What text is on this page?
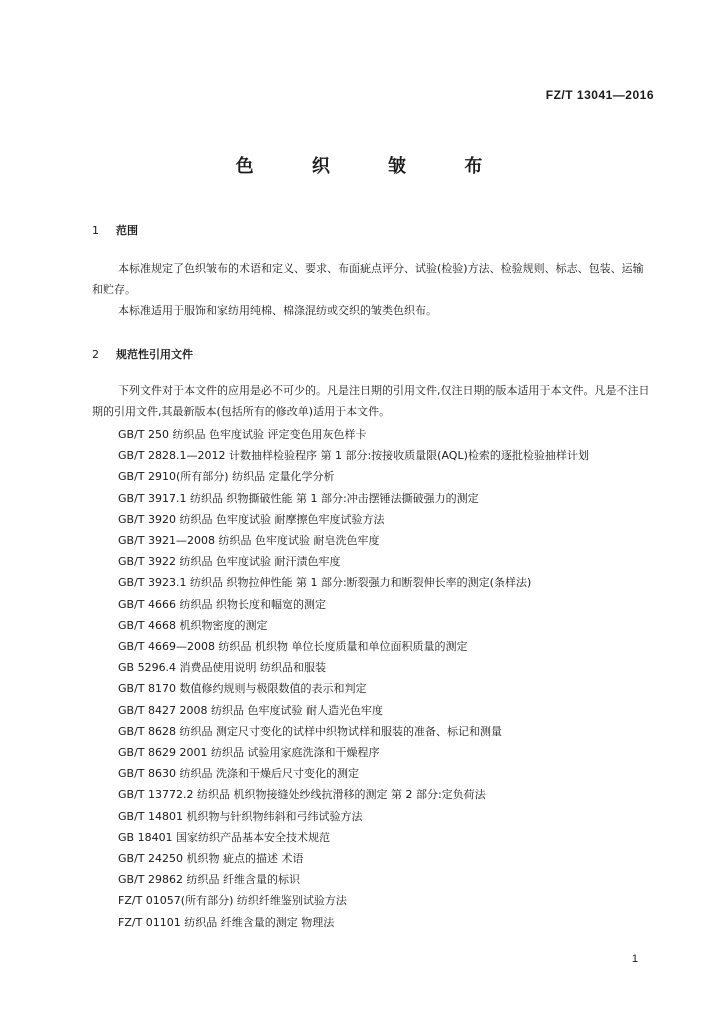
FZ/T 13041—2016
色 织 皱 布
1 范围

本标准规定了色织皱布的术语和定义、要求、布面疵点评分、试验(检验)方法、检验规则、标志、包装、运输和贮存。

本标准适用于服饰和家纺用纯棉、棉涤混纺或交织的皱类色织布。

2 规范性引用文件

下列文件对于本文件的应用是必不可少的。凡是注日期的引用文件,仅注日期的版本适用于本文件。凡是不注日期的引用文件,其最新版本(包括所有的修改单)适用于本文件。

GB/T 250 纺织品 色牢度试验 评定变色用灰色样卡
GB/T 2828.1—2012 计数抽样检验程序 第 1 部分:按接收质量限(AQL)检索的逐批检验抽样计划
GB/T 2910(所有部分) 纺织品 定量化学分析
GB/T 3917.1 纺织品 织物撕破性能 第 1 部分:冲击摆锤法撕破强力的测定
GB/T 3920 纺织品 色牢度试验 耐摩擦色牢度试验方法
GB/T 3921—2008 纺织品 色牢度试验 耐皂洗色牢度
GB/T 3922 纺织品 色牢度试验 耐汗渍色牢度
GB/T 3923.1 纺织品 织物拉伸性能 第 1 部分:断裂强力和断裂伸长率的测定(条样法)
GB/T 4666 纺织品 织物长度和幅宽的测定
GB/T 4668 机织物密度的测定
GB/T 4669—2008 纺织品 机织物 单位长度质量和单位面积质量的测定
GB 5296.4 消费品使用说明 纺织品和服装
GB/T 8170 数值修约规则与极限数值的表示和判定
GB/T 8427 2008 纺织品 色牢度试验 耐人造光色牢度
GB/T 8628 纺织品 测定尺寸变化的试样中织物试样和服装的准备、标记和测量
GB/T 8629 2001 纺织品 试验用家庭洗涤和干燥程序
GB/T 8630 纺织品 洗涤和干燥后尺寸变化的测定
GB/T 13772.2 纺织品 机织物接缝处纱线抗滑移的测定 第 2 部分:定负荷法
GB/T 14801 机织物与针织物纬斜和弓纬试验方法
GB 18401 国家纺织产品基本安全技术规范
GB/T 24250 机织物 疵点的描述 术语
GB/T 29862 纺织品 纤维含量的标识
FZ/T 01057(所有部分) 纺织纤维鉴别试验方法
FZ/T 01101 纺织品 纤维含量的测定 物理法
1
